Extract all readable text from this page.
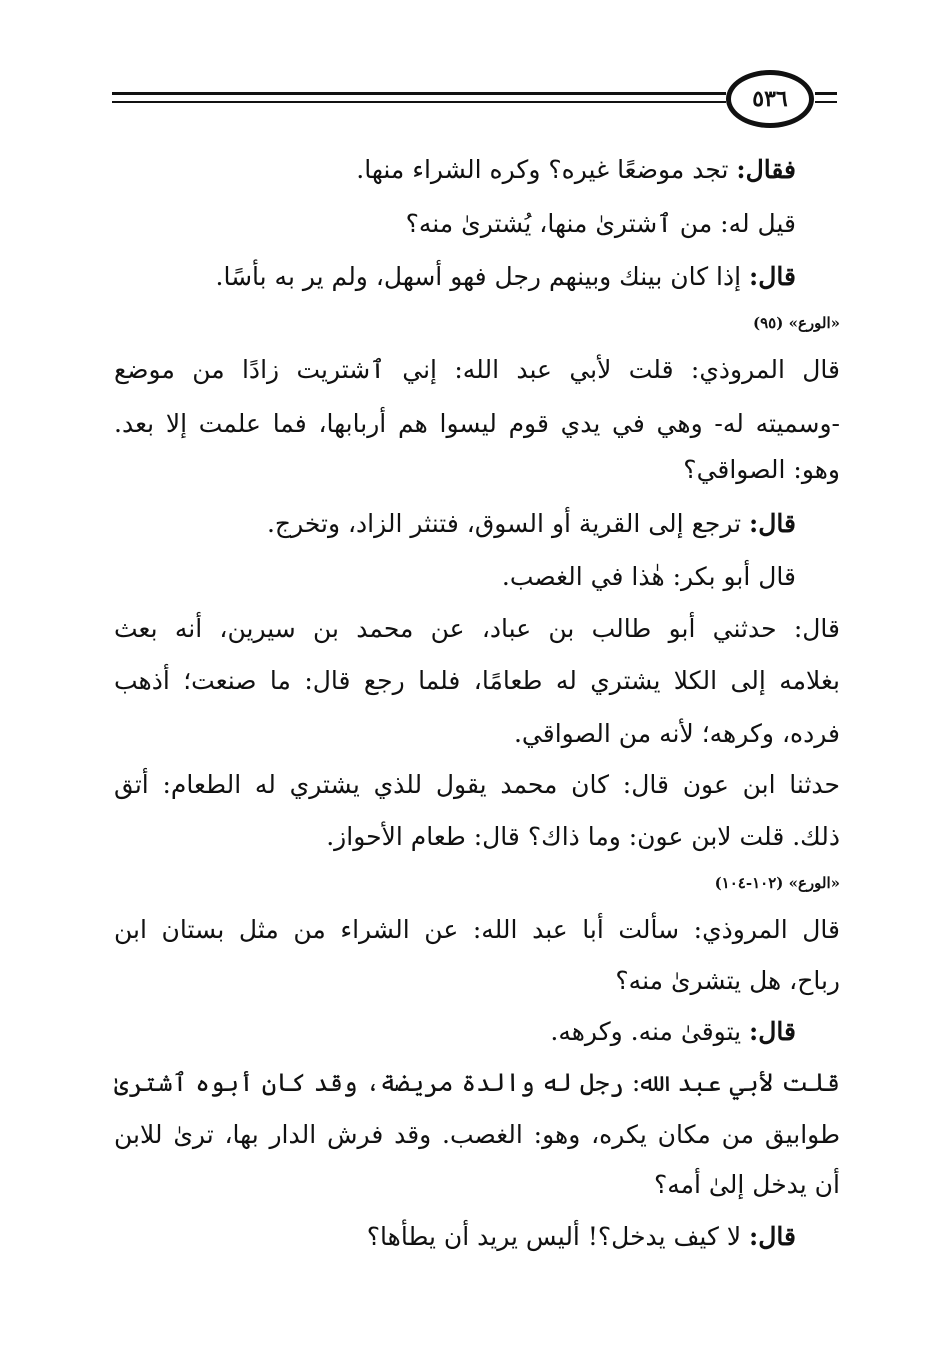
٥٣٦
فقال: تجد موضعًا غيره؟ وكره الشراء منها.
قيل له: من ٱشترىٰ منها، يُشترىٰ منه؟
قال: إذا كان بينك وبينهم رجل فهو أسهل، ولم ير به بأسًا.
«الورع» (٩٥)
قال المروذي: قلت لأبي عبد الله: إني ٱشتريت زادًا من موضع
-وسميته له- وهي في يدي قوم ليسوا هم أربابها، فما علمت إلا بعد.
وهو: الصواقي؟
قال: ترجع إلى القرية أو السوق، فتنثر الزاد، وتخرج.
قال أبو بكر: هٰذا في الغصب.
قال: حدثني أبو طالب بن عباد، عن محمد بن سيرين، أنه بعث
بغلامه إلى الكلا يشتري له طعامًا، فلما رجع قال: ما صنعت؛ أذهب
فرده، وكرهه؛ لأنه من الصواقي.
حدثنا ابن عون قال: كان محمد يقول للذي يشتري له الطعام: أتق
ذلك. قلت لابن عون: وما ذاك؟ قال: طعام الأحواز.
«الورع» (١٠٢-١٠٤)
قال المروذي: سألت أبا عبد الله: عن الشراء من مثل بستان ابن
رباح، هل يتشرىٰ منه؟
قال: يتوقىٰ منه. وكرهه.
قلت لأبي عبد الله: رجل له والدة مريضة، وقد كان أبوه ٱشترىٰ
طوابيق من مكان يكره، وهو: الغصب. وقد فرش الدار بها، ترىٰ للابن
أن يدخل إلىٰ أمه؟
قال: لا كيف يدخل؟! أليس يريد أن يطأها؟
